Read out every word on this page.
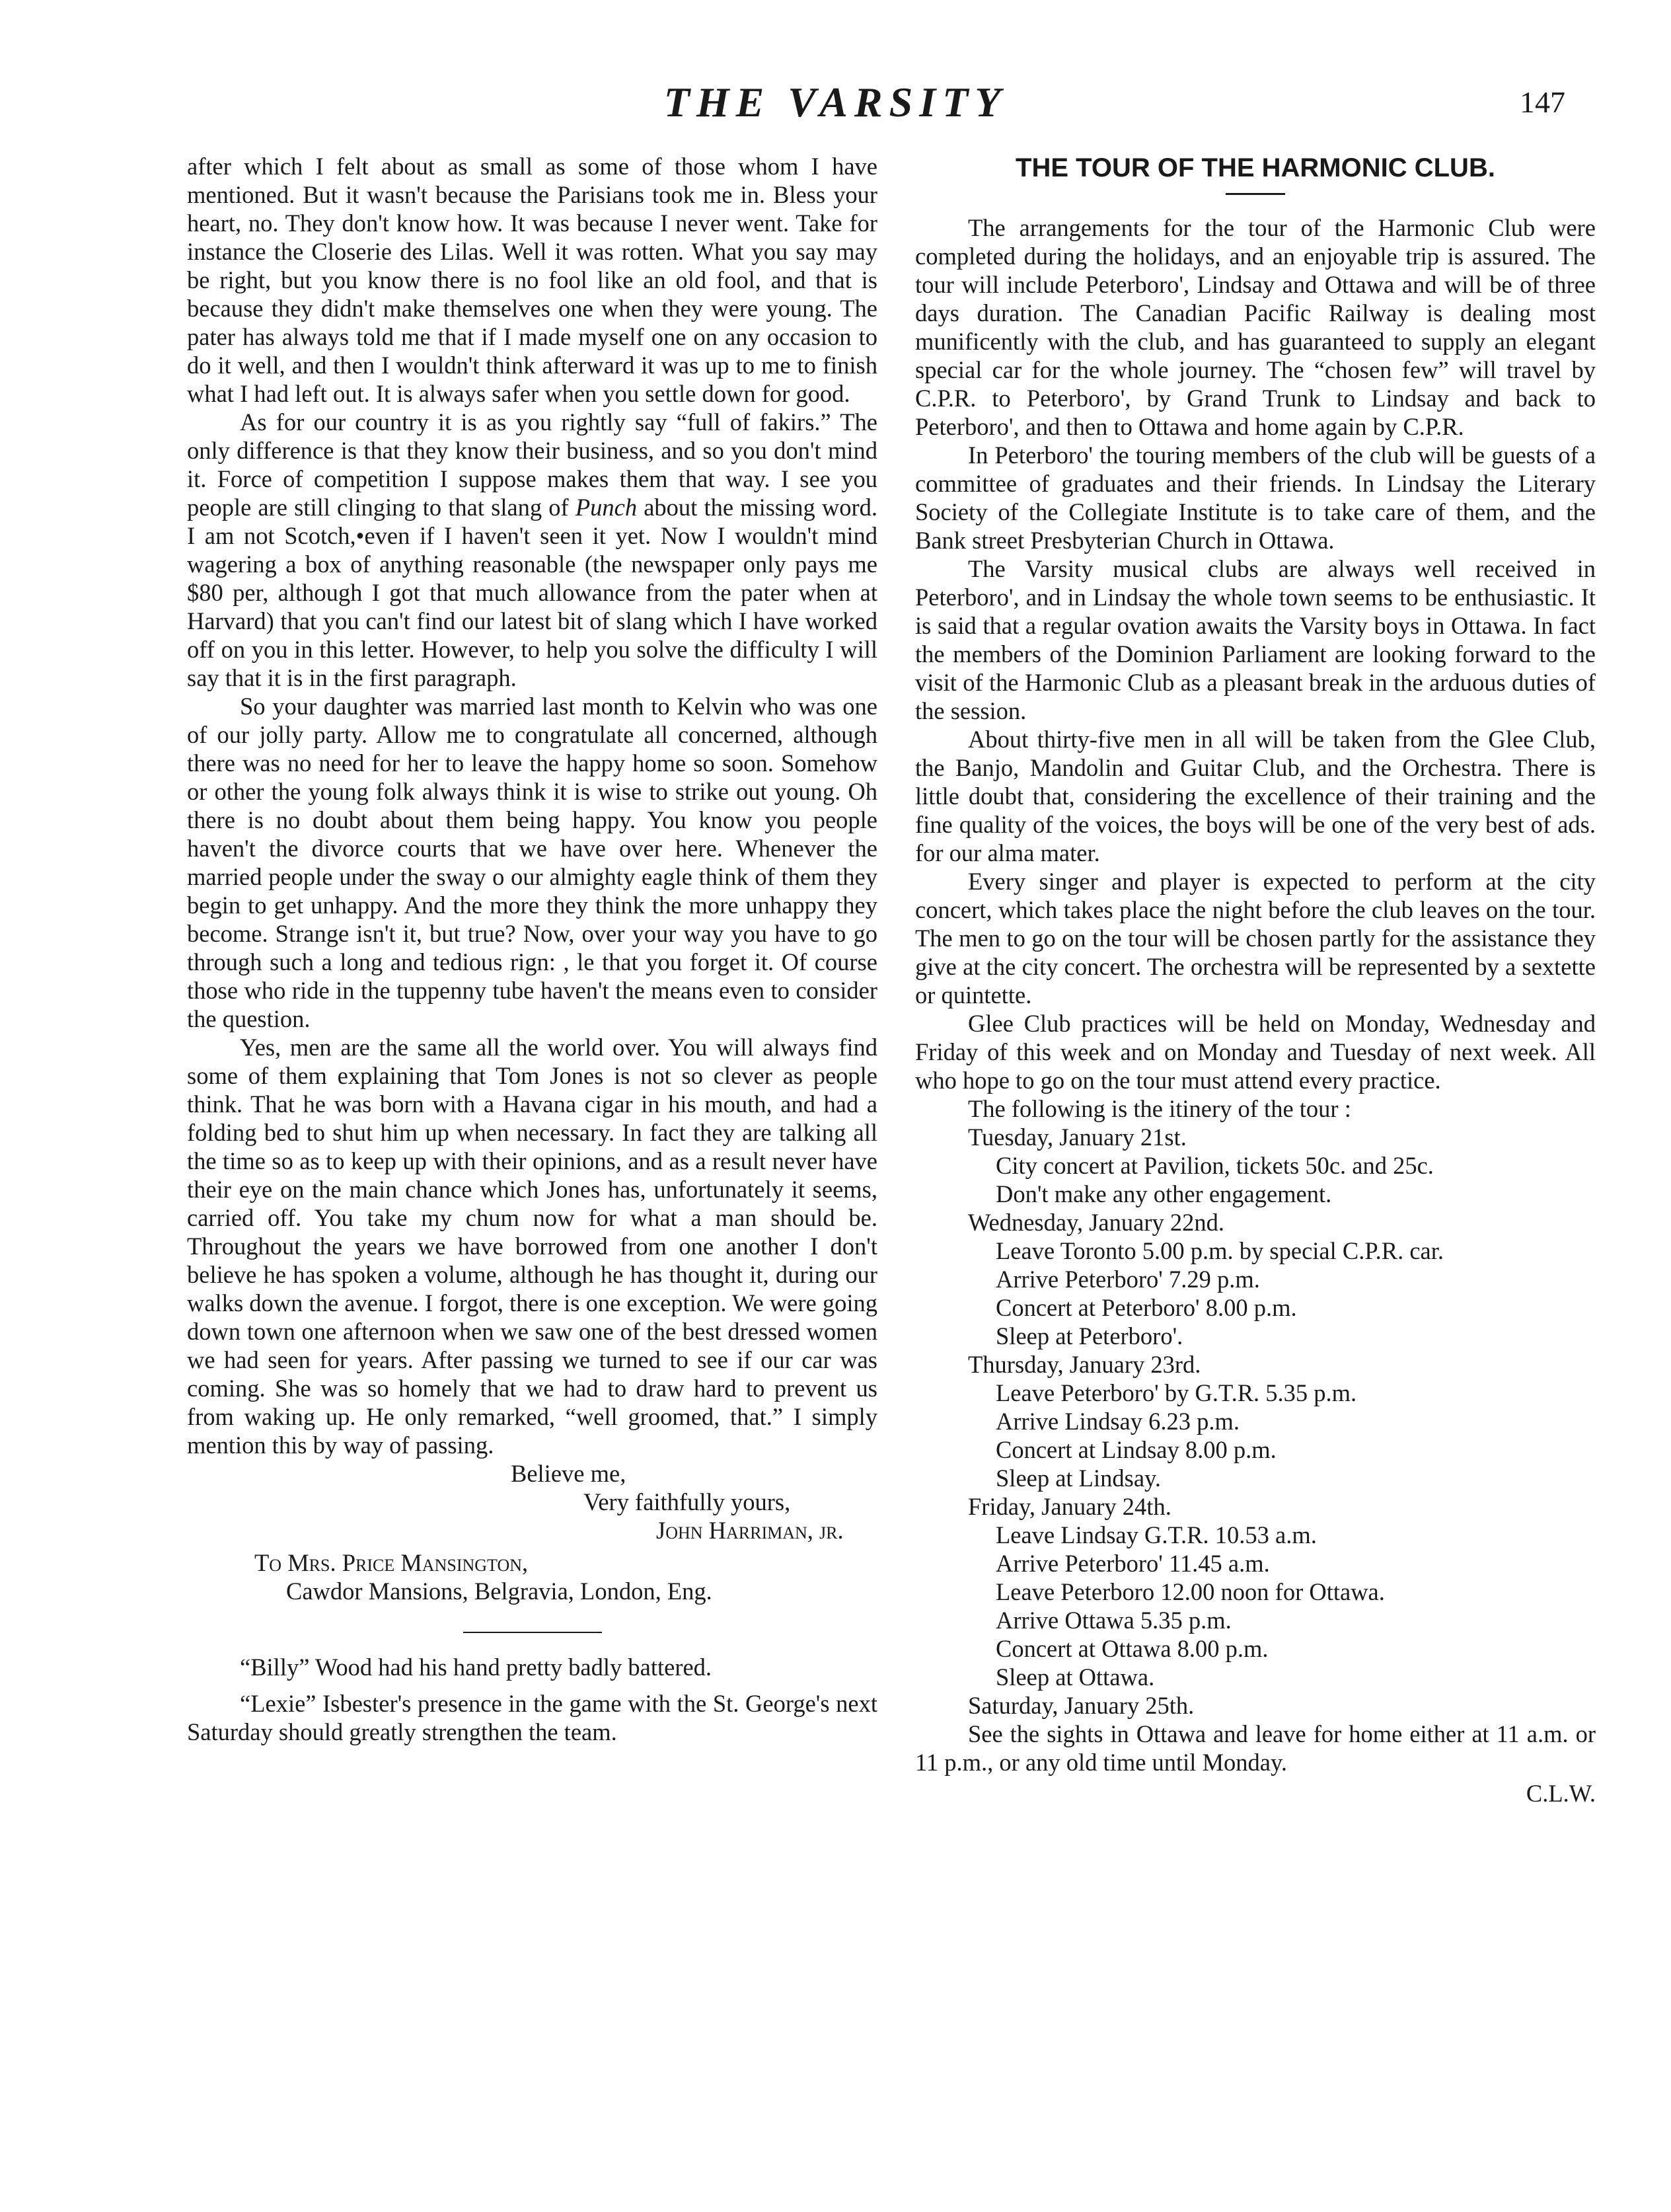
THE VARSITY	147

after which I felt about as small as some of those whom I have mentioned. But it wasn't because the Parisians took me in. Bless your heart, no. They don't know how. It was because I never went. Take for instance the Closerie des Lilas. Well it was rotten. What you say may be right, but you know there is no fool like an old fool, and that is because they didn't make themselves one when they were young. The pater has always told me that if I made myself one on any occasion to do it well, and then I wouldn't think afterward it was up to me to finish what I had left out. It is always safer when you settle down for good.

As for our country it is as you rightly say “full of fakirs.” The only difference is that they know their business, and so you don't mind it. Force of competition I suppose makes them that way. I see you people are still clinging to that slang of Punch about the missing word. I am not Scotch,•even if I haven't seen it yet. Now I wouldn't mind wagering a box of anything reasonable (the newspaper only pays me $80 per, although I got that much allowance from the pater when at Harvard) that you can't find our latest bit of slang which I have worked off on you in this letter. However, to help you solve the difficulty I will say that it is in the first paragraph.

So your daughter was married last month to Kelvin who was one of our jolly party. Allow me to congratulate all concerned, although there was no need for her to leave the happy home so soon. Somehow or other the young folk always think it is wise to strike out young. Oh there is no doubt about them being happy. You know you people haven't the divorce courts that we have over here. Whenever the married people under the sway o our almighty eagle think of them they begin to get unhappy. And the more they think the more unhappy they become. Strange isn't it, but true? Now, over your way you have to go through such a long and tedious rign: , le that you forget it. Of course those who ride in the tuppenny tube haven't the means even to consider the question.

Yes, men are the same all the world over. You will always find some of them explaining that Tom Jones is not so clever as people think. That he was born with a Havana cigar in his mouth, and had a folding bed to shut him up when necessary. In fact they are talking all the time so as to keep up with their opinions, and as a result never have their eye on the main chance which Jones has, unfortunately it seems, carried off. You take my chum now for what a man should be. Throughout the years we have borrowed from one another I don't believe he has spoken a volume, although he has thought it, during our walks down the avenue. I forgot, there is one exception. We were going down town one afternoon when we saw one of the best dressed women we had seen for years. After passing we turned to see if our car was coming. She was so homely that we had to draw hard to prevent us from waking up. He only remarked, “well groomed, that.” I simply mention this by way of passing.

Believe me,
Very faithfully yours,
John Harriman, jr.

To Mrs. Price Mansington,
Cawdor Mansions, Belgravia, London, Eng.

“Billy” Wood had his hand pretty badly battered.

“Lexie” Isbester's presence in the game with the St. George's next Saturday should greatly strengthen the team.

THE TOUR OF THE HARMONIC CLUB.

The arrangements for the tour of the Harmonic Club were completed during the holidays, and an enjoyable trip is assured. The tour will include Peterboro', Lindsay and Ottawa and will be of three days duration. The Canadian Pacific Railway is dealing most munificently with the club, and has guaranteed to supply an elegant special car for the whole journey. The “chosen few” will travel by C.P.R. to Peterboro', by Grand Trunk to Lindsay and back to Peterboro', and then to Ottawa and home again by C.P.R.

In Peterboro' the touring members of the club will be guests of a committee of graduates and their friends. In Lindsay the Literary Society of the Collegiate Institute is to take care of them, and the Bank street Presbyterian Church in Ottawa.

The Varsity musical clubs are always well received in Peterboro', and in Lindsay the whole town seems to be enthusiastic. It is said that a regular ovation awaits the Varsity boys in Ottawa. In fact the members of the Dominion Parliament are looking forward to the visit of the Harmonic Club as a pleasant break in the arduous duties of the session.

About thirty-five men in all will be taken from the Glee Club, the Banjo, Mandolin and Guitar Club, and the Orchestra. There is little doubt that, considering the excellence of their training and the fine quality of the voices, the boys will be one of the very best of ads. for our alma mater.

Every singer and player is expected to perform at the city concert, which takes place the night before the club leaves on the tour. The men to go on the tour will be chosen partly for the assistance they give at the city concert. The orchestra will be represented by a sextette or quintette.

Glee Club practices will be held on Monday, Wednesday and Friday of this week and on Monday and Tuesday of next week. All who hope to go on the tour must attend every practice.

The following is the itinery of the tour :

Tuesday, January 21st.

City concert at Pavilion, tickets 50c. and 25c.

Don't make any other engagement.

Wednesday, January 22nd.

Leave Toronto 5.00 p.m. by special C.P.R. car.

Arrive Peterboro' 7.29 p.m.

Concert at Peterboro' 8.00 p.m.

Sleep at Peterboro'.

Thursday, January 23rd.

Leave Peterboro' by G.T.R. 5.35 p.m.

Arrive Lindsay 6.23 p.m.

Concert at Lindsay 8.00 p.m.

Sleep at Lindsay.

Friday, January 24th.

Leave Lindsay G.T.R. 10.53 a.m.

Arrive Peterboro' 11.45 a.m.

Leave Peterboro 12.00 noon for Ottawa.

Arrive Ottawa 5.35 p.m.

Concert at Ottawa 8.00 p.m.

Sleep at Ottawa.

Saturday, January 25th.

See the sights in Ottawa and leave for home either at 11 a.m. or 11 p.m., or any old time until Monday.

C.L.W.
